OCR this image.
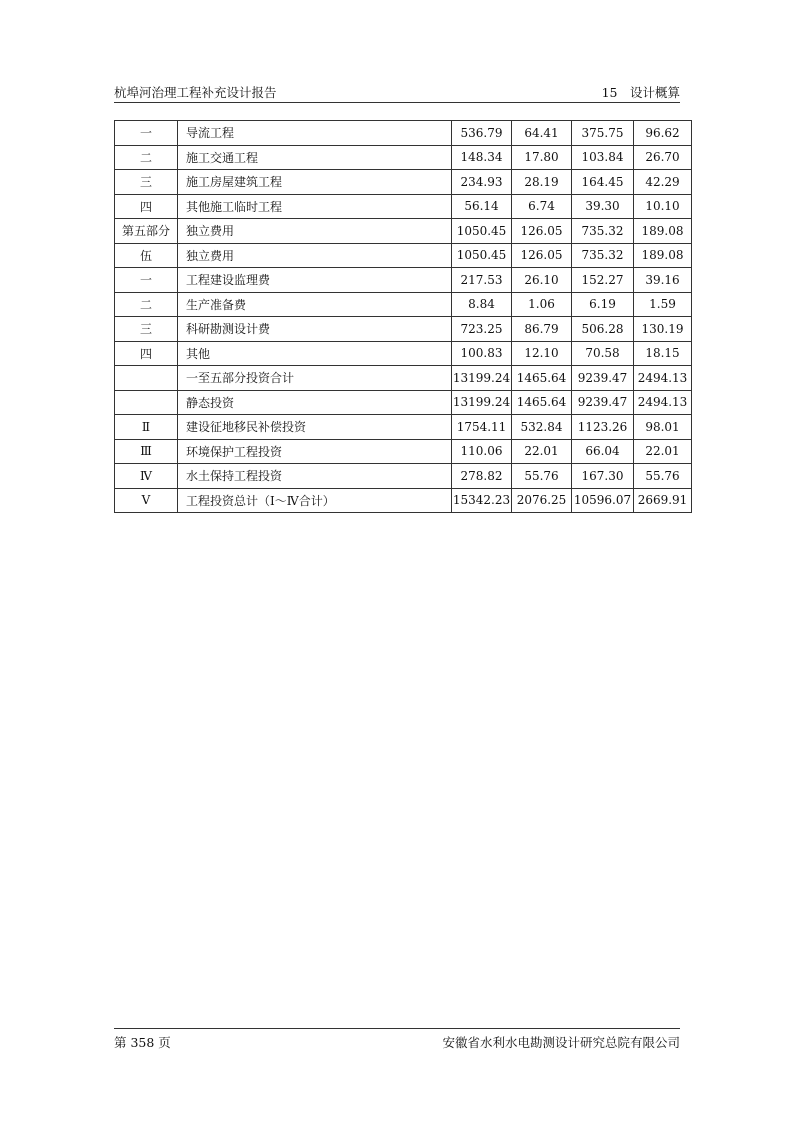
杭埠河治理工程补充设计报告	15　设计概算
一	导流工程	536.79	64.41	375.75	96.62
二	施工交通工程	148.34	17.80	103.84	26.70
三	施工房屋建筑工程	234.93	28.19	164.45	42.29
四	其他施工临时工程	56.14	6.74	39.30	10.10
第五部分	独立费用	1050.45	126.05	735.32	189.08
伍	独立费用	1050.45	126.05	735.32	189.08
一	工程建设监理费	217.53	26.10	152.27	39.16
二	生产准备费	8.84	1.06	6.19	1.59
三	科研勘测设计费	723.25	86.79	506.28	130.19
四	其他	100.83	12.10	70.58	18.15
	一至五部分投资合计	13199.24	1465.64	9239.47	2494.13
	静态投资	13199.24	1465.64	9239.47	2494.13
Ⅱ	建设征地移民补偿投资	1754.11	532.84	1123.26	98.01
Ⅲ	环境保护工程投资	110.06	22.01	66.04	22.01
Ⅳ	水土保持工程投资	278.82	55.76	167.30	55.76
Ⅴ	工程投资总计（Ⅰ～Ⅳ合计）	15342.23	2076.25	10596.07	2669.91
第 358 页	安徽省水利水电勘测设计研究总院有限公司
